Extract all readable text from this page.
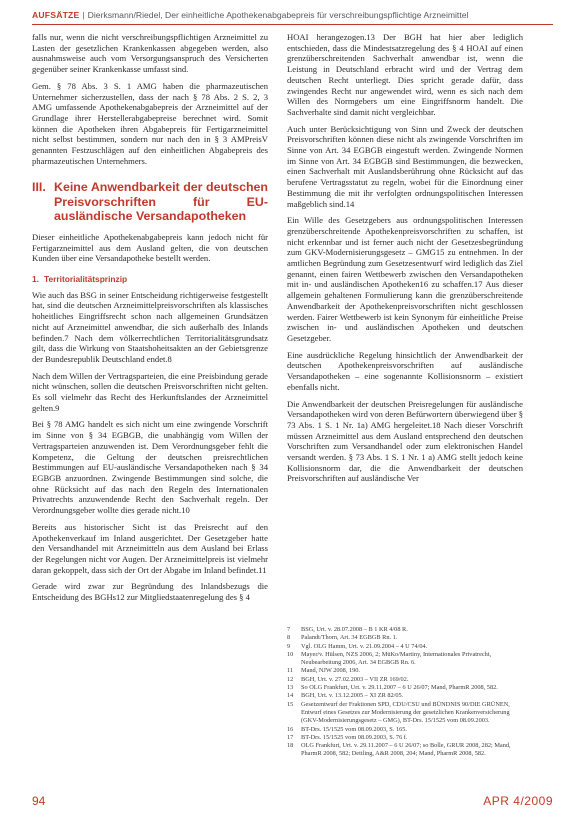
AUFSÄTZE | Dierksmann/Riedel, Der einheitliche Apothekenabgabepreis für verschreibungspflichtige Arzneimittel

falls nur, wenn die nicht verschreibungspflichtigen Arzneimittel zu Lasten der gesetzlichen Krankenkassen abgegeben werden, also ausnahmsweise auch vom Versorgungsanspruch des Versicherten gegenüber seiner Krankenkasse umfasst sind.

Gem. § 78 Abs. 3 S. 1 AMG haben die pharmazeutischen Unternehmer sicherzustellen, dass der nach § 78 Abs. 2 S. 2, 3 AMG umfassende Apothekenabgabepreis der Arzneimittel auf der Grundlage ihrer Herstellerabgabepreise berechnet wird. Somit können die Apotheken ihren Abgabepreis für Fertigarzneimittel nicht selbst bestimmen, sondern nur nach den in § 3 AMPreisV genannten Festzuschlägen auf den einheitlichen Abgabepreis des pharmazeutischen Unternehmers.

III. Keine Anwendbarkeit der deutschen Preisvorschriften für EU-ausländische Versandapotheken

Dieser einheitliche Apothekenabgabepreis kann jedoch nicht für Fertigarzneimittel aus dem Ausland gelten, die von deutschen Kunden über eine Versandapotheke bestellt werden.

1. Territorialitätsprinzip

Wie auch das BSG in seiner Entscheidung richtigerweise festgestellt hat, sind die deutschen Arzneimittelpreisvorschriften als klassisches hoheitliches Eingriffsrecht schon nach allgemeinen Grundsätzen nicht auf Arzneimittel anwendbar, die sich außerhalb des Inlands befinden.7 Nach dem völkerrechtlichen Territorialitätsgrundsatz gilt, dass die Wirkung von Staatshoheitsakten an der Gebietsgrenze der Bundesrepublik Deutschland endet.8

Nach dem Willen der Vertragsparteien, die eine Preisbindung gerade nicht wünschen, sollen die deutschen Preisvorschriften nicht gelten. Es soll vielmehr das Recht des Herkunftslandes der Arzneimittel gelten.9

Bei § 78 AMG handelt es sich nicht um eine zwingende Vorschrift im Sinne von § 34 EGBGB, die unabhängig vom Willen der Vertragsparteien anzuwenden ist. Dem Verordnungsgeber fehlt die Kompetenz, die Geltung der deutschen preisrechtlichen Bestimmungen auf EU-ausländische Versandapotheken nach § 34 EGBGB anzuordnen. Zwingende Bestimmungen sind solche, die ohne Rücksicht auf das nach den Regeln des Internationalen Privatrechts anzuwendende Recht den Sachverhalt regeln. Der Verordnungsgeber wollte dies gerade nicht.10

Bereits aus historischer Sicht ist das Preisrecht auf den Apothekenverkauf im Inland ausgerichtet. Der Gesetzgeber hatte den Versandhandel mit Arzneimitteln aus dem Ausland bei Erlass der Regelungen nicht vor Augen. Der Arzneimittelpreis ist vielmehr daran gekoppelt, dass sich der Ort der Abgabe im Inland befindet.11

Gerade wird zwar zur Begründung des Inlandsbezugs die Entscheidung des BGHs12 zur Mitgliedstaatenregelung des § 4

HOAI herangezogen.13 Der BGH hat hier aber lediglich entschieden, dass die Mindestsatzregelung des § 4 HOAI auf einen grenzüberschreitenden Sachverhalt anwendbar ist, wenn die Leistung in Deutschland erbracht wird und der Vertrag dem deutschen Recht unterliegt. Dies spricht gerade dafür, dass zwingendes Recht nur angewendet wird, wenn es sich nach dem Willen des Normgebers um eine Eingriffsnorm handelt. Die Sachverhalte sind damit nicht vergleichbar.

Auch unter Berücksichtigung von Sinn und Zweck der deutschen Preisvorschriften können diese nicht als zwingende Vorschriften im Sinne von Art. 34 EGBGB eingestuft werden. Zwingende Normen im Sinne von Art. 34 EGBGB sind Bestimmungen, die bezwecken, einen Sachverhalt mit Auslandsberührung ohne Rücksicht auf das berufene Vertragsstatut zu regeln, wobei für die Einordnung einer Bestimmung die mit ihr verfolgten ordnungspolitischen Interessen maßgeblich sind.14

Ein Wille des Gesetzgebers aus ordnungspolitischen Interessen grenzüberschreitende Apothekenpreisvorschriften zu schaffen, ist nicht erkennbar und ist ferner auch nicht der Gesetzesbegründung zum GKV-Modernisierungsgesetz – GMG15 zu entnehmen. In der amtlichen Begründung zum Gesetzesentwurf wird lediglich das Ziel genannt, einen fairen Wettbewerb zwischen den Versandapotheken mit in- und ausländischen Apotheken16 zu schaffen.17 Aus dieser allgemein gehaltenen Formulierung kann die grenzüberschreitende Anwendbarkeit der Apothekenpreisvorschriften nicht geschlossen werden. Fairer Wettbewerb ist kein Synonym für einheitliche Preise zwischen in- und ausländischen Apotheken und deutschen Gesetzgeber.

Eine ausdrückliche Regelung hinsichtlich der Anwendbarkeit der deutschen Apothekenpreisvorschriften auf ausländische Versandapotheken – eine sogenannte Kollisionsnorm – existiert ebenfalls nicht.

Die Anwendbarkeit der deutschen Preisregelungen für ausländische Versandapotheken wird von deren Befürwortern überwiegend über § 73 Abs. 1 S. 1 Nr. 1a) AMG hergeleitet.18 Nach dieser Vorschrift müssen Arzneimittel aus dem Ausland entsprechend den deutschen Vorschriften zum Versandhandel oder zum elektronischen Handel versandt werden. § 73 Abs. 1 S. 1 Nr. 1 a) AMG stellt jedoch keine Kollisionsnorm dar, die die Anwendbarkeit der deutschen Preisvorschriften auf ausländische Ver

7	BSG, Urt. v. 28.07.2008 – B 1 KR 4/08 R.
8	Palandt/Thorn, Art. 34 EGBGB Rn. 1.
9	Vgl. OLG Hamm, Urt. v. 21.09.2004 – 4 U 74/04.
10	Mayer/v. Hülsen, NZS 2006, 2; MüKo/Martiny, Internationales Privatrecht, Neubearbeitung 2006, Art. 34 EGBGB Rn. 6.
11	Mand, NJW 2008, 190.
12	BGH, Urt. v. 27.02.2003 – VII ZR 169/02.
13	So OLG Frankfurt, Urt. v. 29.11.2007 – 6 U 26/07; Mand, PharmR 2008, 582.
14	BGH, Urt. v. 13.12.2005 – XI ZR 82/05.
15	Gesetzentwurf der Fraktionen SPD, CDU/CSU und BÜNDNIS 90/DIE GRÜNEN, Entwurf eines Gesetzes zur Modernisierung der gesetzlichen Krankenversicherung (GKV-Modernisierungsgesetz – GMG), BT-Drs. 15/1525 vom 08.09.2003.
16	BT-Drs. 15/1525 vom 08.09.2003, S. 165.
17	BT-Drs. 15/1525 vom 08.09.2003, S. 76 f.
18	OLG Frankfurt, Urt. v. 29.11.2007 – 6 U 26/07; so Bolle, GRUR 2008, 282; Mand, PharmR 2008, 582; Dettling, A&R 2008, 204; Mand, PharmR 2008, 582.
94	APR 4/2009
